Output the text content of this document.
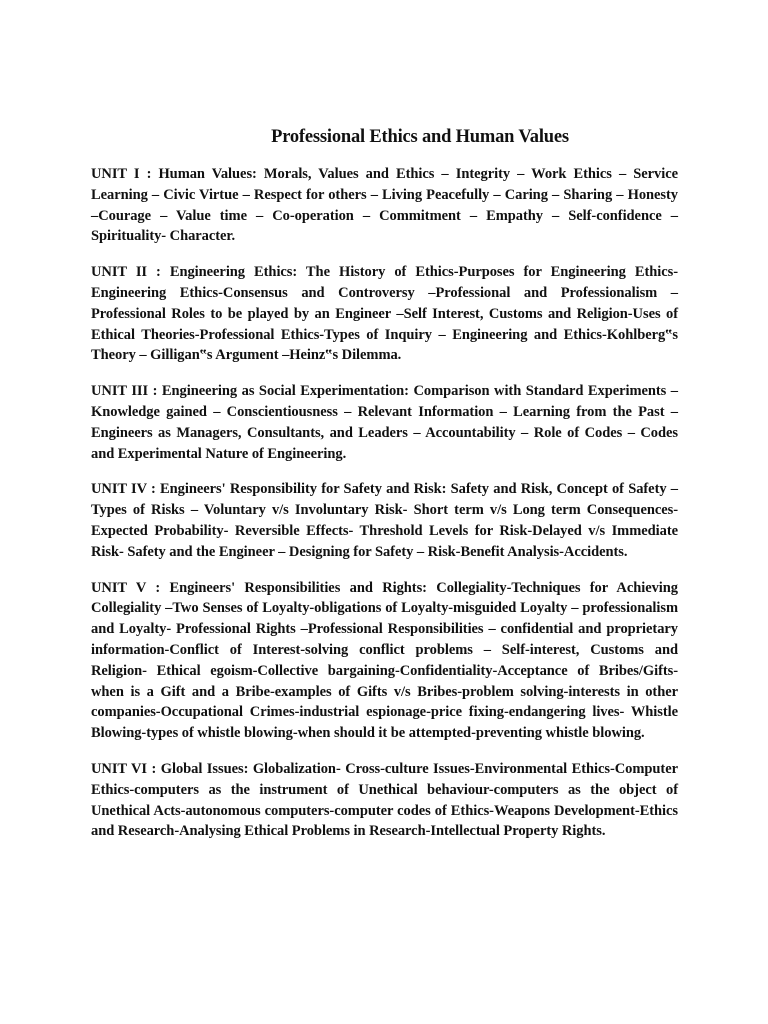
Professional Ethics and Human Values

UNIT I : Human Values: Morals, Values and Ethics – Integrity – Work Ethics – Service Learning – Civic Virtue – Respect for others – Living Peacefully – Caring – Sharing – Honesty –Courage – Value time – Co-operation – Commitment – Empathy – Self-confidence – Spirituality- Character.

UNIT II : Engineering Ethics: The History of Ethics-Purposes for Engineering Ethics-Engineering Ethics-Consensus and Controversy –Professional and Professionalism – Professional Roles to be played by an Engineer –Self Interest, Customs and Religion-Uses of Ethical Theories-Professional Ethics-Types of Inquiry – Engineering and Ethics-Kohlberg‟s Theory – Gilligan‟s Argument –Heinz‟s Dilemma.

UNIT III : Engineering as Social Experimentation: Comparison with Standard Experiments – Knowledge gained – Conscientiousness – Relevant Information – Learning from the Past – Engineers as Managers, Consultants, and Leaders – Accountability – Role of Codes – Codes and Experimental Nature of Engineering.

UNIT IV : Engineers' Responsibility for Safety and Risk: Safety and Risk, Concept of Safety – Types of Risks – Voluntary v/s Involuntary Risk- Short term v/s Long term Consequences- Expected Probability- Reversible Effects- Threshold Levels for Risk-Delayed v/s Immediate Risk- Safety and the Engineer – Designing for Safety – Risk-Benefit Analysis-Accidents.

UNIT V : Engineers' Responsibilities and Rights: Collegiality-Techniques for Achieving Collegiality –Two Senses of Loyalty-obligations of Loyalty-misguided Loyalty – professionalism and Loyalty- Professional Rights –Professional Responsibilities – confidential and proprietary information-Conflict of Interest-solving conflict problems – Self-interest, Customs and Religion- Ethical egoism-Collective bargaining-Confidentiality-Acceptance of Bribes/Gifts-when is a Gift and a Bribe-examples of Gifts v/s Bribes-problem solving-interests in other companies-Occupational Crimes-industrial espionage-price fixing-endangering lives- Whistle Blowing-types of whistle blowing-when should it be attempted-preventing whistle blowing.

UNIT VI : Global Issues: Globalization- Cross-culture Issues-Environmental Ethics-Computer Ethics-computers as the instrument of Unethical behaviour-computers as the object of Unethical Acts-autonomous computers-computer codes of Ethics-Weapons Development-Ethics and Research-Analysing Ethical Problems in Research-Intellectual Property Rights.
